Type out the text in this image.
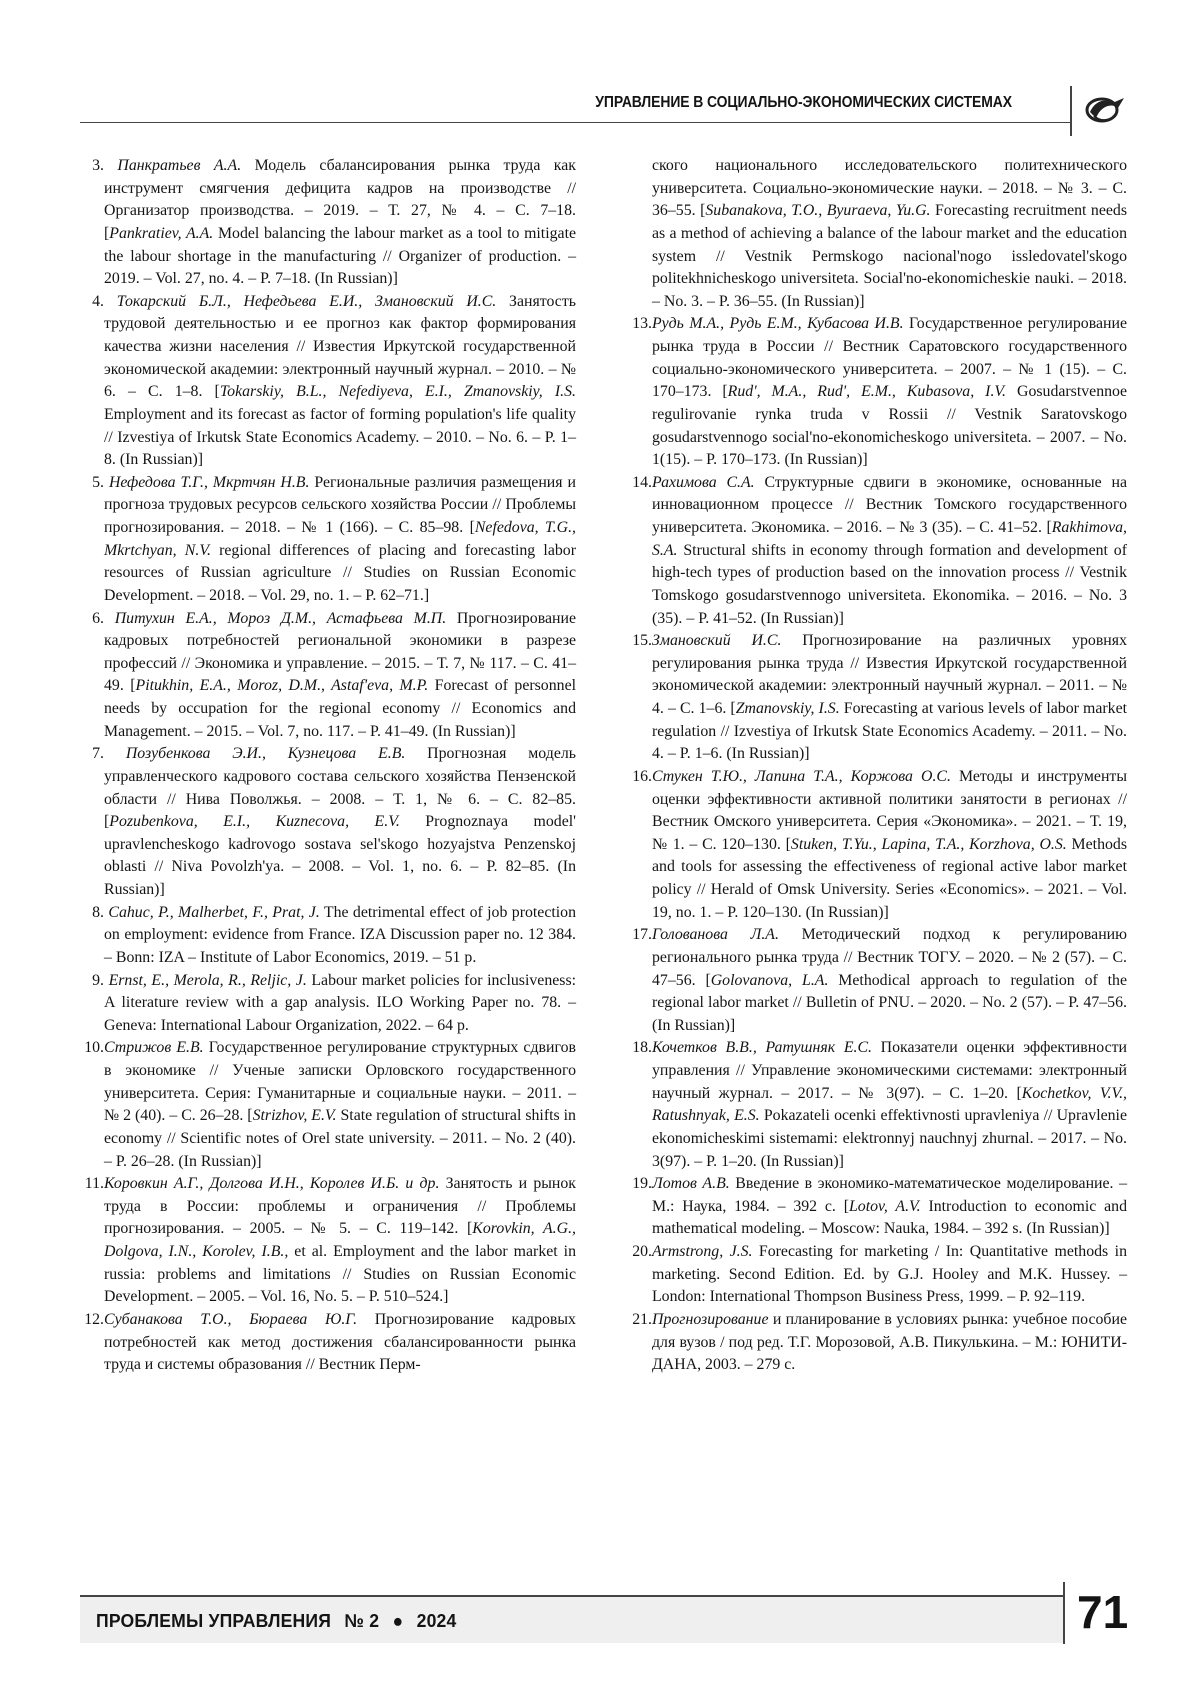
УПРАВЛЕНИЕ В СОЦИАЛЬНО-ЭКОНОМИЧЕСКИХ СИСТЕМАХ
3. Панкратьев А.А. Модель сбалансирования рынка труда как инструмент смягчения дефицита кадров на производстве // Организатор производства. – 2019. – Т. 27, № 4. – С. 7–18. [Pankratiev, A.A. Model balancing the labour market as a tool to mitigate the labour shortage in the manufacturing // Organizer of production. – 2019. – Vol. 27, no. 4. – P. 7–18. (In Russian)]
4. Токарский Б.Л., Нефедьева Е.И., Змановский И.С. Занятость трудовой деятельностью и ее прогноз как фактор формирования качества жизни населения // Известия Иркутской государственной экономической академии: электронный научный журнал. – 2010. – № 6. – С. 1–8. [Tokarskiy, B.L., Nefediyeva, E.I., Zmanovskiy, I.S. Employment and its forecast as factor of forming population's life quality // Izvestiya of Irkutsk State Economics Academy. – 2010. – No. 6. – P. 1–8. (In Russian)]
5. Нефедова Т.Г., Мкртчян Н.В. Региональные различия размещения и прогноза трудовых ресурсов сельского хозяйства России // Проблемы прогнозирования. – 2018. – № 1 (166). – С. 85–98. [Nefedova, T.G., Mkrtchyan, N.V. regional differences of placing and forecasting labor resources of Russian agriculture // Studies on Russian Economic Development. – 2018. – Vol. 29, no. 1. – P. 62–71.]
6. Питухин Е.А., Мороз Д.М., Астафьева М.П. Прогнозирование кадровых потребностей региональной экономики в разрезе профессий // Экономика и управление. – 2015. – Т. 7, № 117. – С. 41–49. [Pitukhin, E.A., Moroz, D.M., Astaf'eva, M.P. Forecast of personnel needs by occupation for the regional economy // Economics and Management. – 2015. – Vol. 7, no. 117. – P. 41–49. (In Russian)]
7.	Позубенкова Э.И., Кузнецова Е.В. Прогнозная модель управленческого кадрового состава сельского хозяйства Пензенской области // Нива Поволжья. – 2008. – Т. 1, № 6. – С. 82–85. [Pozubenkova, E.I., Kuznecova, E.V. Prognoznaya model' upravlencheskogo kadrovogo sostava sel'skogo hozyajstva Penzenskoj oblasti // Niva Povolzh'ya. – 2008. – Vol. 1, no. 6. – P. 82–85. (In Russian)]
8. Cahuc, P., Malherbet, F., Prat, J. The detrimental effect of job protection on employment: evidence from France. IZA Discussion paper no. 12 384. – Bonn: IZA – Institute of Labor Economics, 2019. – 51 p.
9. Ernst, E., Merola, R., Reljic, J. Labour market policies for inclusiveness: A literature review with a gap analysis. ILO Working Paper no. 78. – Geneva: International Labour Organization, 2022. – 64 p.
10. Стрижов Е.В. Государственное регулирование структурных сдвигов в экономике // Ученые записки Орловского государственного университета. Серия: Гуманитарные и социальные науки. – 2011. – № 2 (40). – С. 26–28. [Strizhov, E.V. State regulation of structural shifts in economy // Scientific notes of Orel state university. – 2011. – No. 2 (40). – P. 26–28. (In Russian)]
11. Коровкин А.Г., Долгова И.Н., Королев И.Б. и др. Занятость и рынок труда в России: проблемы и ограничения // Проблемы прогнозирования. – 2005. – № 5. – С. 119–142. [Korovkin, A.G., Dolgova, I.N., Korolev, I.B., et al. Employment and the labor market in russia: problems and limitations // Studies on Russian Economic Development. – 2005. – Vol. 16, No. 5. – P. 510–524.]
12. Субанакова Т.О., Бюраева Ю.Г. Прогнозирование кадровых потребностей как метод достижения сбалансированности рынка труда и системы образования // Вестник Перм-

ского национального исследовательского политехнического университета. Социально-экономические науки. – 2018. – № 3. – С. 36–55. [Subanakova, T.O., Byuraeva, Yu.G. Forecasting recruitment needs as a method of achieving a balance of the labour market and the education system // Vestnik Permskogo nacional'nogo issledovatel'skogo politekhnicheskogo universiteta. Social'no-ekonomicheskie nauki. – 2018. – No. 3. – P. 36–55. (In Russian)]

13. Рудь М.А., Рудь Е.М., Кубасова И.В. Государственное регулирование рынка труда в России // Вестник Саратовского государственного социально-экономического университета. – 2007. – № 1 (15). – С. 170–173. [Rud', M.A., Rud', E.M., Kubasova, I.V. Gosudarstvennoe regulirovanie rynka truda v Rossii // Vestnik Saratovskogo gosudarstvennogo social'no-ekonomicheskogo universiteta. – 2007. – No. 1(15). – P. 170–173. (In Russian)]
14. Рахимова С.А. Структурные сдвиги в экономике, основанные на инновационном процессе // Вестник Томского государственного университета. Экономика. – 2016. – № 3 (35). – С. 41–52. [Rakhimova, S.A. Structural shifts in economy through formation and development of high-tech types of production based on the innovation process // Vestnik Tomskogo gosudarstvennogo universiteta. Ekonomika. – 2016. – No. 3 (35). – P. 41–52. (In Russian)]
15. Змановский И.С. Прогнозирование на различных уровнях регулирования рынка труда // Известия Иркутской государственной экономической академии: электронный научный журнал. – 2011. – № 4. – С. 1–6. [Zmanovskiy, I.S. Forecasting at various levels of labor market regulation // Izvestiya of Irkutsk State Economics Academy. – 2011. – No. 4. – P. 1–6. (In Russian)]
16. Стукен Т.Ю., Лапина Т.А., Коржова О.С. Методы и инструменты оценки эффективности активной политики занятости в регионах // Вестник Омского университета. Серия «Экономика». – 2021. – Т. 19, № 1. – С. 120–130. [Stuken, T.Yu., Lapina, T.A., Korzhova, O.S. Methods and tools for assessing the effectiveness of regional active labor market policy // Herald of Omsk University. Series «Economics». – 2021. – Vol. 19, no. 1. – P. 120–130. (In Russian)]
17. Голованова Л.А. Методический подход к регулированию регионального рынка труда // Вестник ТОГУ. – 2020. – № 2 (57). – С. 47–56. [Golovanova, L.A. Methodical approach to regulation of the regional labor market // Bulletin of PNU. – 2020. – No. 2 (57). – P. 47–56. (In Russian)]
18. Кочетков В.В., Ратушняк Е.С. Показатели оценки эффективности управления // Управление экономическими системами: электронный научный журнал. – 2017. – № 3(97). – С. 1–20. [Kochetkov, V.V., Ratushnyak, E.S. Pokazateli ocenki effektivnosti upravleniya // Upravlenie ekonomicheskimi sistemami: elektronnyj nauchnyj zhurnal. – 2017. – No. 3(97). – P. 1–20. (In Russian)]
19. Лотов А.В. Введение в экономико-математическое моделирование. – М.: Наука, 1984. – 392 с. [Lotov, A.V. Introduction to economic and mathematical modeling. – Moscow: Nauka, 1984. – 392 s. (In Russian)]
20. Armstrong, J.S. Forecasting for marketing / In: Quantitative methods in marketing. Second Edition. Ed. by G.J. Hooley and M.K. Hussey. – London: International Thompson Business Press, 1999. – P. 92–119.
21. Прогнозирование и планирование в условиях рынка: учебное пособие для вузов / под ред. Т.Г. Морозовой, А.В. Пикулькина. – М.: ЮНИТИ-ДАНА, 2003. – 279 с.
ПРОБЛЕМЫ УПРАВЛЕНИЯ № 2 ● 2024	71
